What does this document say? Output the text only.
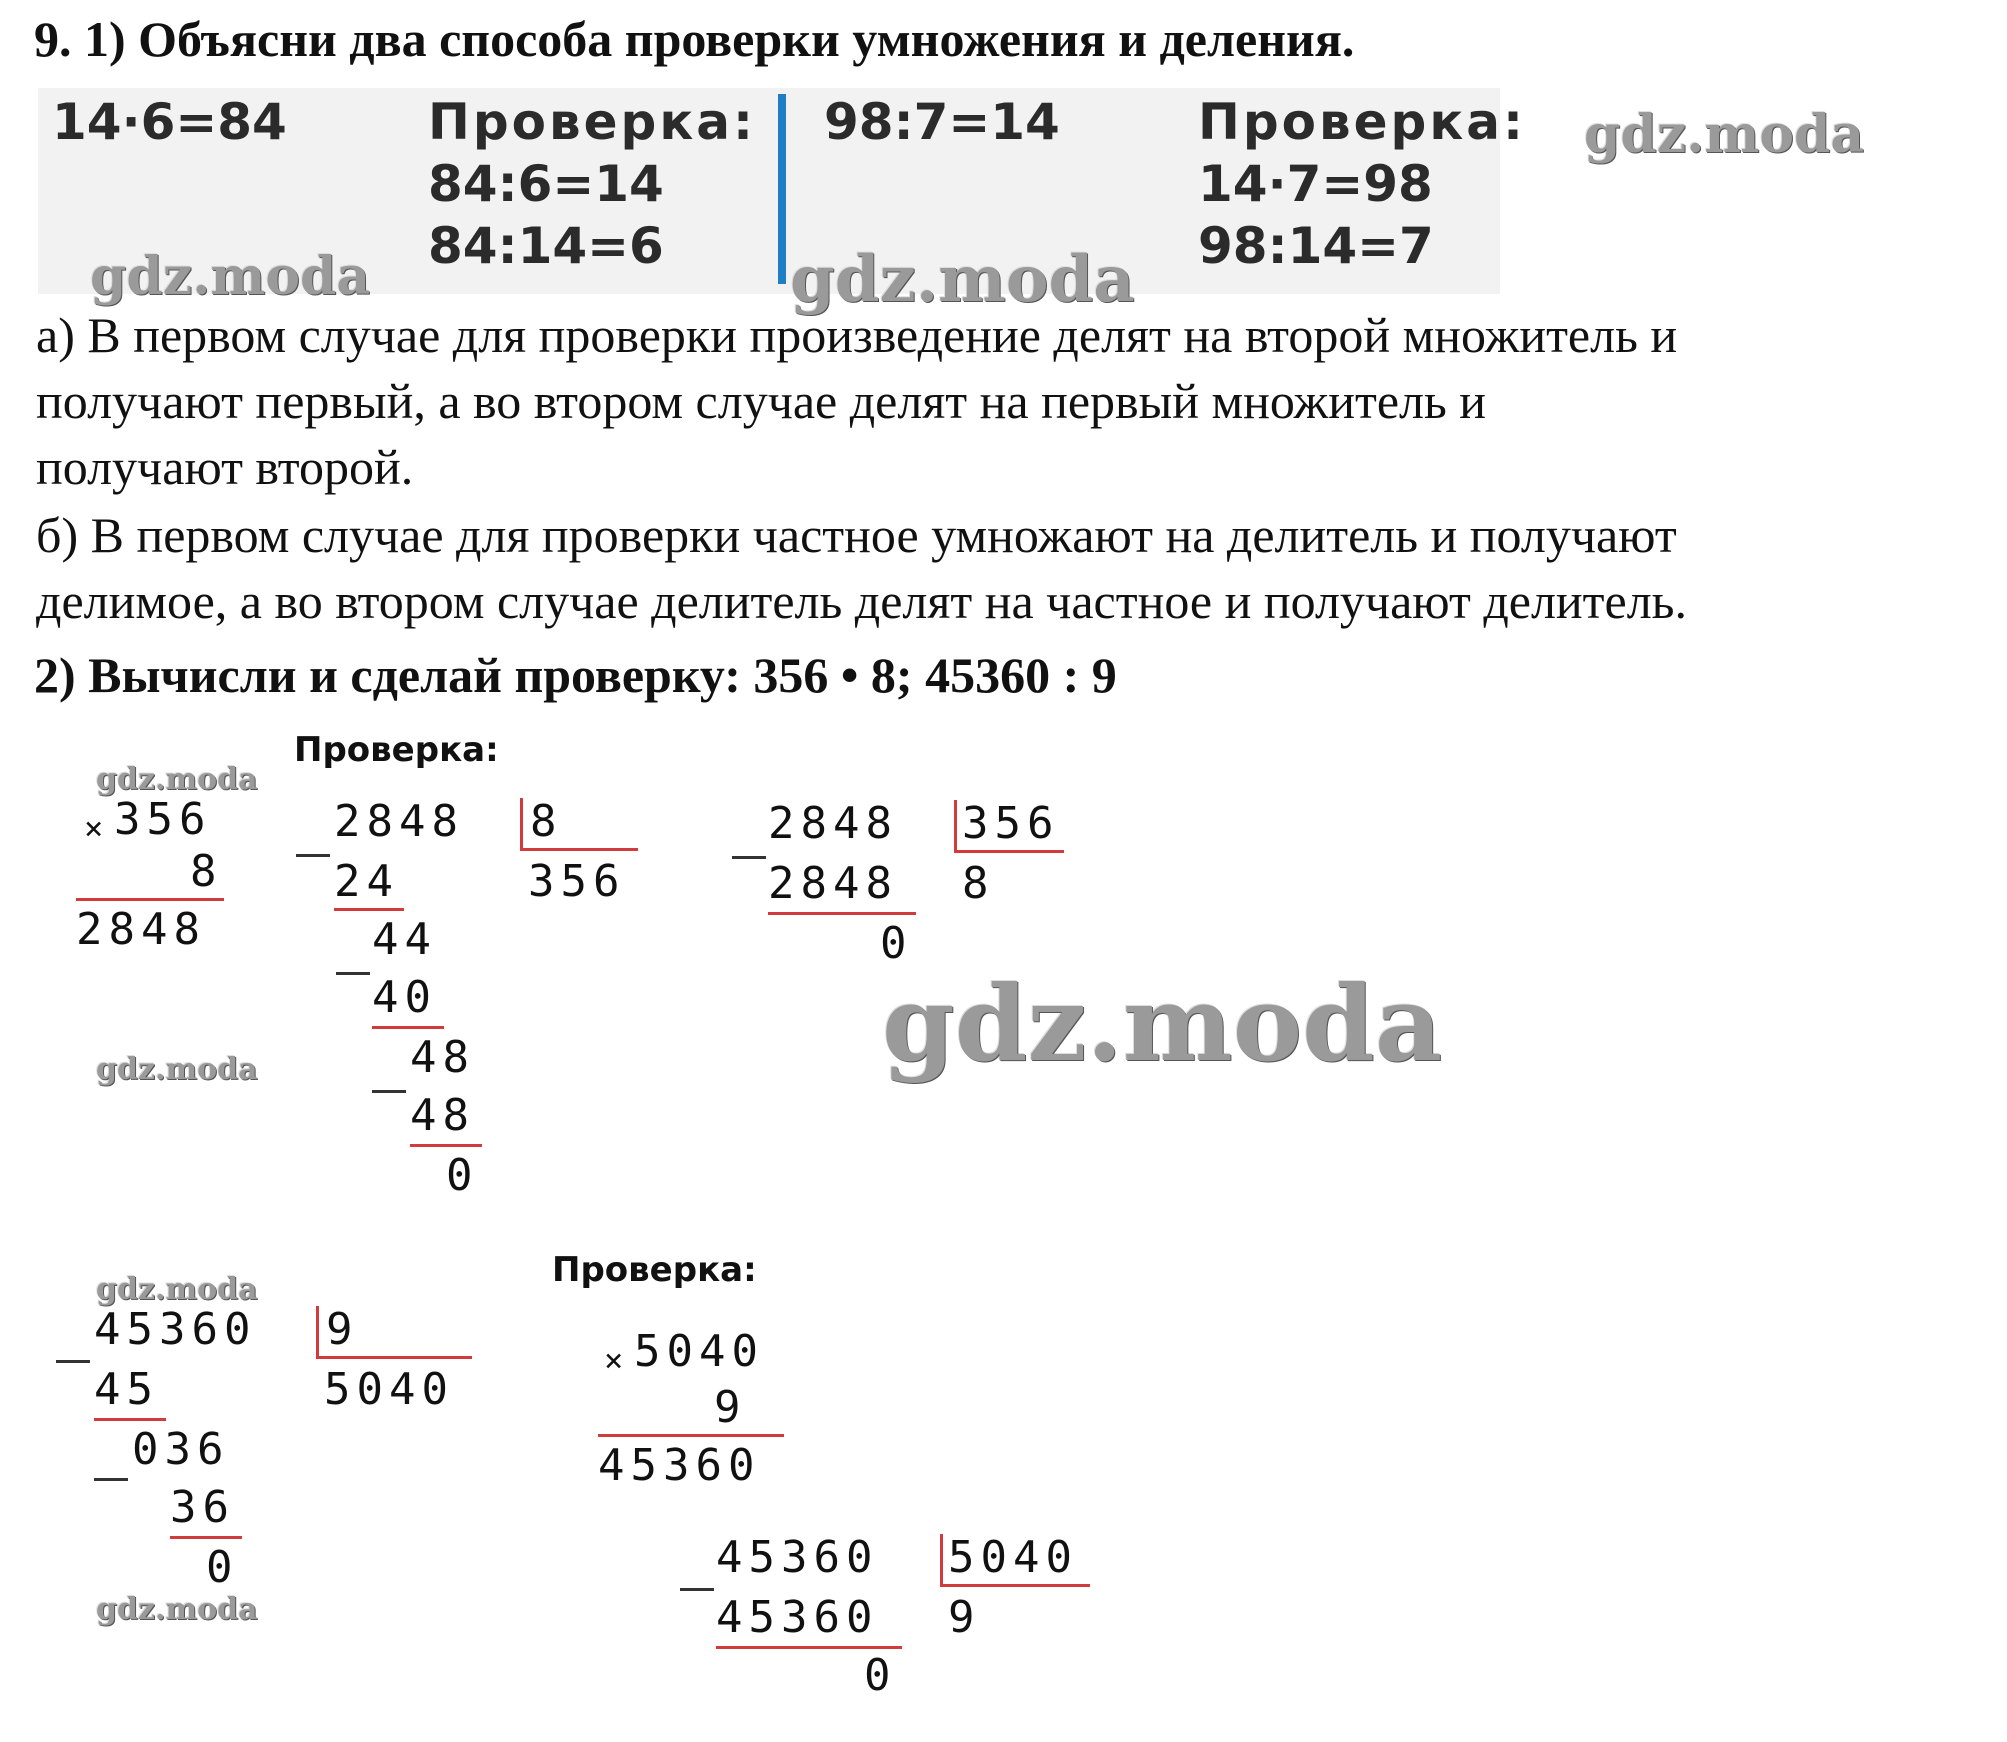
9. 1) Объясни два способа проверки умножения и деления.
14·6=84	Проверка:
84:6=14
84:14=6
98:7=14	Проверка:
14·7=98
98:14=7
а) В первом случае для проверки произведение делят на второй множитель и
получают первый, а во втором случае делят на первый множитель и
получают второй.
б) В первом случае для проверки частное умножают на делитель и получают
делимое, а во втором случае делитель делят на частное и получают делитель.
2) Вычисли и сделай проверку: 356 • 8; 45360 : 9
Проверка:
× 356
8
2848
2848 8
356
24
44
40
48
48
0
2848 356
8
2848
0
Проверка:
45360 9
5040
45
036
36
0
× 5040
9
45360
45360 5040
9
45360
0
gdz.moda
gdz.moda	gdz.moda
gdz.moda
gdz.moda	gdz.moda
gdz.moda
gdz.moda
